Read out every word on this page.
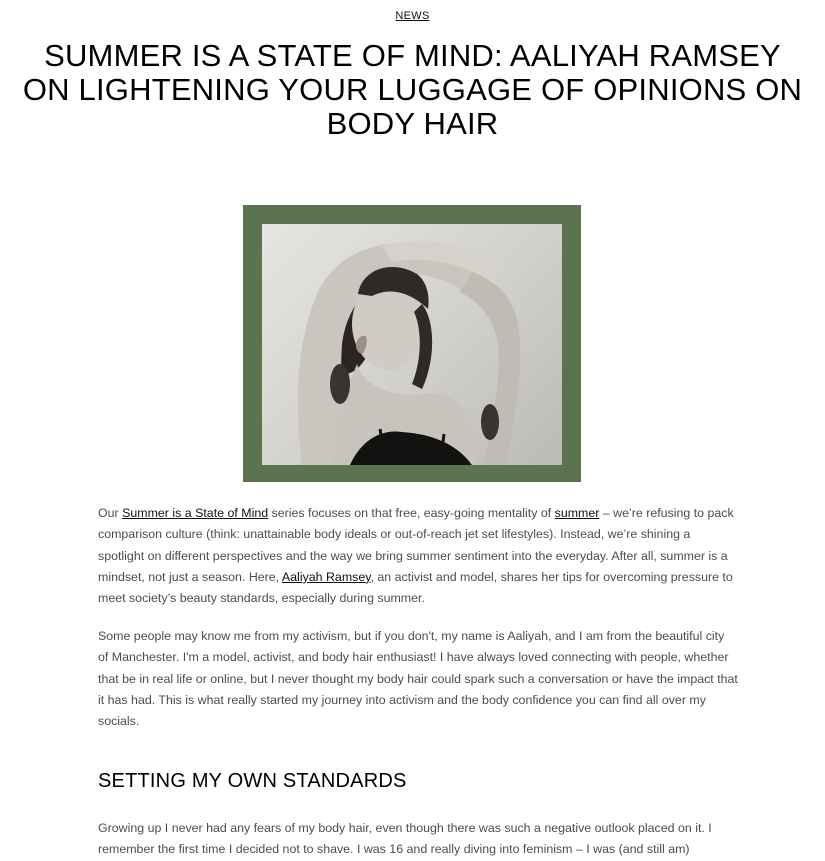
NEWS
SUMMER IS A STATE OF MIND: AALIYAH RAMSEY ON LIGHTENING YOUR LUGGAGE OF OPINIONS ON BODY HAIR

Our Summer is a State of Mind series focuses on that free, easy-going mentality of summer – we’re refusing to pack comparison culture (think: unattainable body ideals or out-of-reach jet set lifestyles). Instead, we’re shining a spotlight on different perspectives and the way we bring summer sentiment into the everyday. After all, summer is a mindset, not just a season. Here, Aaliyah Ramsey, an activist and model, shares her tips for overcoming pressure to meet society’s beauty standards, especially during summer.

Some people may know me from my activism, but if you don't, my name is Aaliyah, and I am from the beautiful city of Manchester. I'm a model, activist, and body hair enthusiast! I have always loved connecting with people, whether that be in real life or online, but I never thought my body hair could spark such a conversation or have the impact that it has had. This is what really started my journey into activism and the body confidence you can find all over my socials.

SETTING MY OWN STANDARDS

Growing up I never had any fears of my body hair, even though there was such a negative outlook placed on it. I remember the first time I decided not to shave. I was 16 and really diving into feminism – I was (and still am)
